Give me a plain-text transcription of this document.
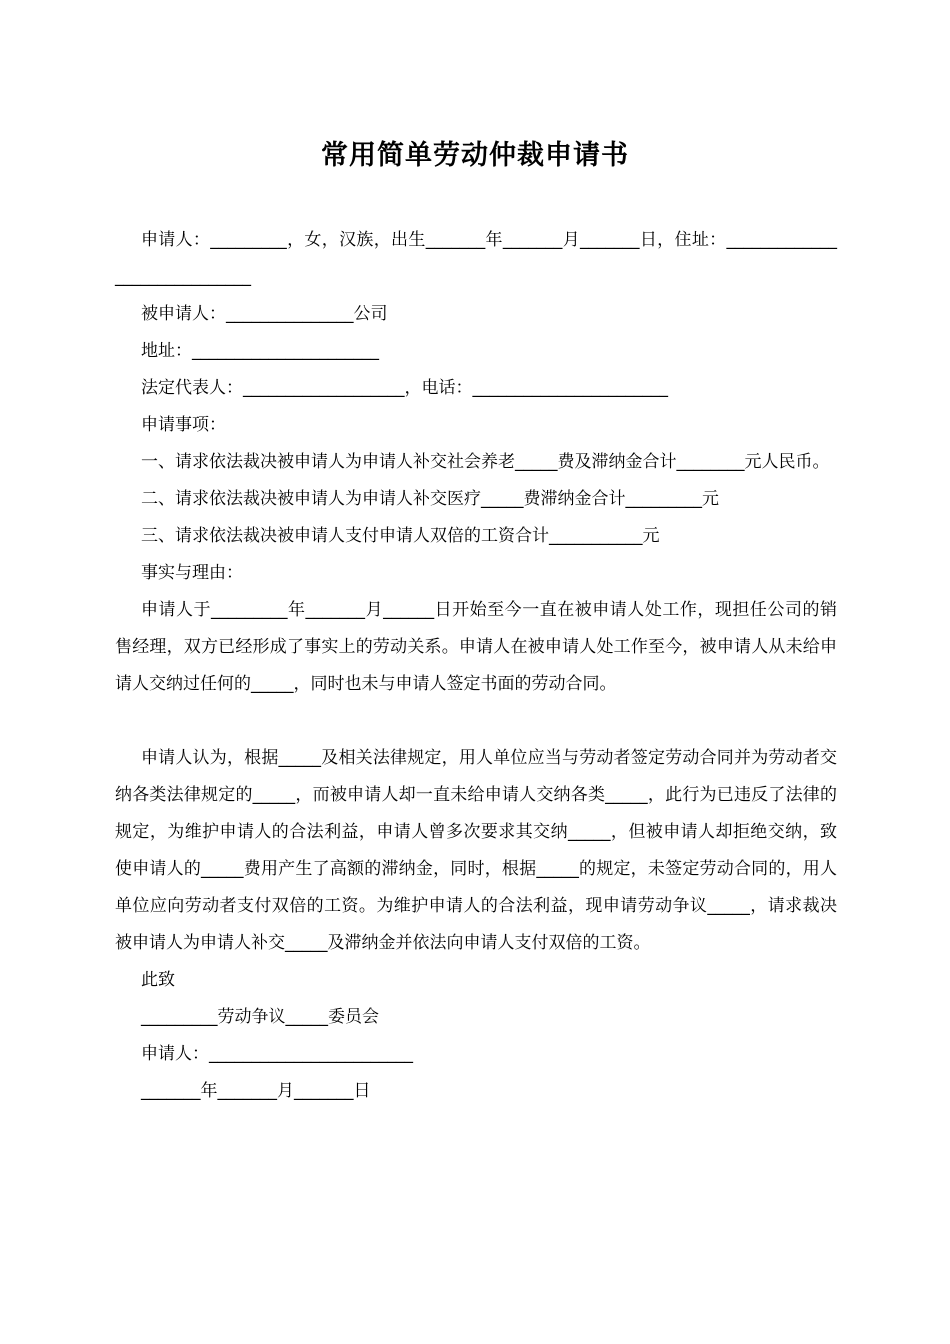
常用简单劳动仲裁申请书

申请人：_________，女，汉族，出生_______年_______月_______日，住址：_____________________________

被申请人：_______________公司

地址：______________________

法定代表人：___________________，电话：_______________________

申请事项：

一、请求依法裁决被申请人为申请人补交社会养老_____费及滞纳金合计________元人民币。

二、请求依法裁决被申请人为申请人补交医疗_____费滞纳金合计_________元

三、请求依法裁决被申请人支付申请人双倍的工资合计___________元

事实与理由：

申请人于_________年_______月______日开始至今一直在被申请人处工作，现担任公司的销售经理，双方已经形成了事实上的劳动关系。申请人在被申请人处工作至今，被申请人从未给申请人交纳过任何的_____，同时也未与申请人签定书面的劳动合同。

申请人认为，根据_____及相关法律规定，用人单位应当与劳动者签定劳动合同并为劳动者交纳各类法律规定的_____，而被申请人却一直未给申请人交纳各类_____，此行为已违反了法律的规定，为维护申请人的合法利益，申请人曾多次要求其交纳_____，但被申请人却拒绝交纳，致使申请人的_____费用产生了高额的滞纳金，同时，根据_____的规定，未签定劳动合同的，用人单位应向劳动者支付双倍的工资。为维护申请人的合法利益，现申请劳动争议_____，请求裁决被申请人为申请人补交_____及滞纳金并依法向申请人支付双倍的工资。

此致

_________劳动争议_____委员会

申请人：________________________

_______年_______月_______日
